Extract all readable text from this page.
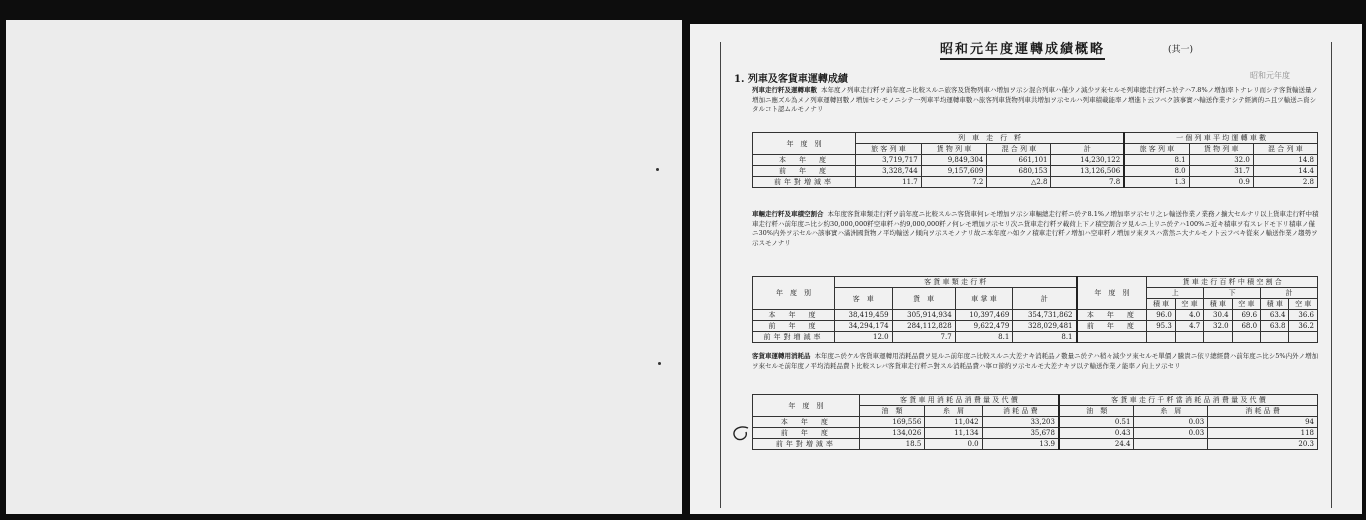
昭和元年度運轉成績概略	(其一)
昭和元年度
1. 列車及客貨車運轉成績
列車走行粁及運轉車數 本年度ノ列車走行粁ヲ前年度ニ比較スルニ旅客及貨物列車ハ増加ヲ示シ混合列車ハ僅少ノ減少ヲ來セルモ列車總走行粁ニ於テハ7.8%ノ増加率トナレリ而シテ客貨輸送量ノ増加ニ應ズル為メノ列車運轉回數ノ増加セシモノニシテ一列車平均運轉車數ハ旅客列車貨物列車共増加ヲ示セルハ列車積載能率ノ増進ト云フベク該事實ハ輸送作業ナシテ經濟的ニ且ツ輸送ニ資シタルコト認ムルモノナリ
年　度　別	列　車　走　行　粁				一 個 列 車 平 均 運 轉 車 數		
	旅 客 列 車	貨 物 列 車	混 合 列 車	計	旅 客 列 車	貨 物 列 車	混 合 列 車
本　年　度	3,719,717	9,849,304	661,101	14,230,122	8.1	32.0	14.8
前　年　度	3,328,744	9,157,609	680,153	13,126,506	8.0	31.7	14.4
前年對増減率	11.7	7.2	△2.8	7.8	1.3	0.9	2.8
車輛走行粁及車積空割合 本年度客貨車類走行粁ヲ前年度ニ比較スルニ客貨車何レモ増加ヲ示シ車輛總走行粁ニ於テ8.1%ノ増加率ヲ示セリ之レ輸送作業ノ業務ノ擴大セルナリ以上貨車走行粁中積車走行粁ハ前年度ニ比シ約30,000,000粁空車粁ハ約9,000,000粁ノ何レモ増加ヲ示セリ次ニ貨車走行粁ヲ載荷上下ノ積空割合ヲ見ルニ上リニ於テハ100%ニ近キ積車ヲ有スレドモ下リ積車ノ僅ニ30%内外ヲ示セルハ該事實ハ滿洲國貨物ノ平均輸送ノ傾向ヲ示スモノナリ故ニ本年度ハ如クノ積車走行粁ノ増加ハ空車粁ノ増加ヲ來タスハ當然ニ大ナルモノト云フベキ從來ノ輸送作業ノ趨勢ヲ示スモノナリ
年　度　別	客 貨 車 類 走 行 粁				年　度　別	貨 車 走 行 百 粁 中 積 空 割 合					
	客　車	貨　車	車 掌 車	計		上		下		計	
						積 車	空 車	積 車	空 車	積 車	空 車
本　年　度	38,419,459	305,914,934	10,397,469	354,731,862	本　年　度	96.0	4.0	30.4	69.6	63.4	36.6
前　年　度	34,294,174	284,112,828	9,622,479	328,029,481	前　年　度	95.3	4.7	32.0	68.0	63.8	36.2
前年對増減率	12.0	7.7	8.1	8.1							
客貨車運轉用消耗品 本年度ニ於ケル客貨車運轉用消耗品費ヲ見ルニ前年度ニ比較スルニ大差ナキ消耗品ノ數量ニ於テハ稍々減少ヲ來セルモ單價ノ騰貴ニ依リ總經費ハ前年度ニ比シ5%内外ノ増加ヲ來セルモ前年度ノ平均消耗品費ト比較スレバ客貨車走行粁ニ對スル消耗品費ハ寧ロ節約ヲ示セルモ大差ナキヲ以テ輸送作業ノ能率ノ向上ヲ示セリ
年　度　別	客 貨 車 用 消 耗 品 消 費 量 及 代 價			客 貨 車 走 行 千 粁 當 消 耗 品 消 費 量 及 代 價		
	油　類	糸　屑	消 耗 品 費	油　類	糸　屑	消 耗 品 費
本　年　度	169,556	11,042	33,203	0.51	0.03	94
前　年　度	134,026	11,134	35,678	0.43	0.03	118
前年對増減率	18.5	0.0	13.9	24.4		20.3
